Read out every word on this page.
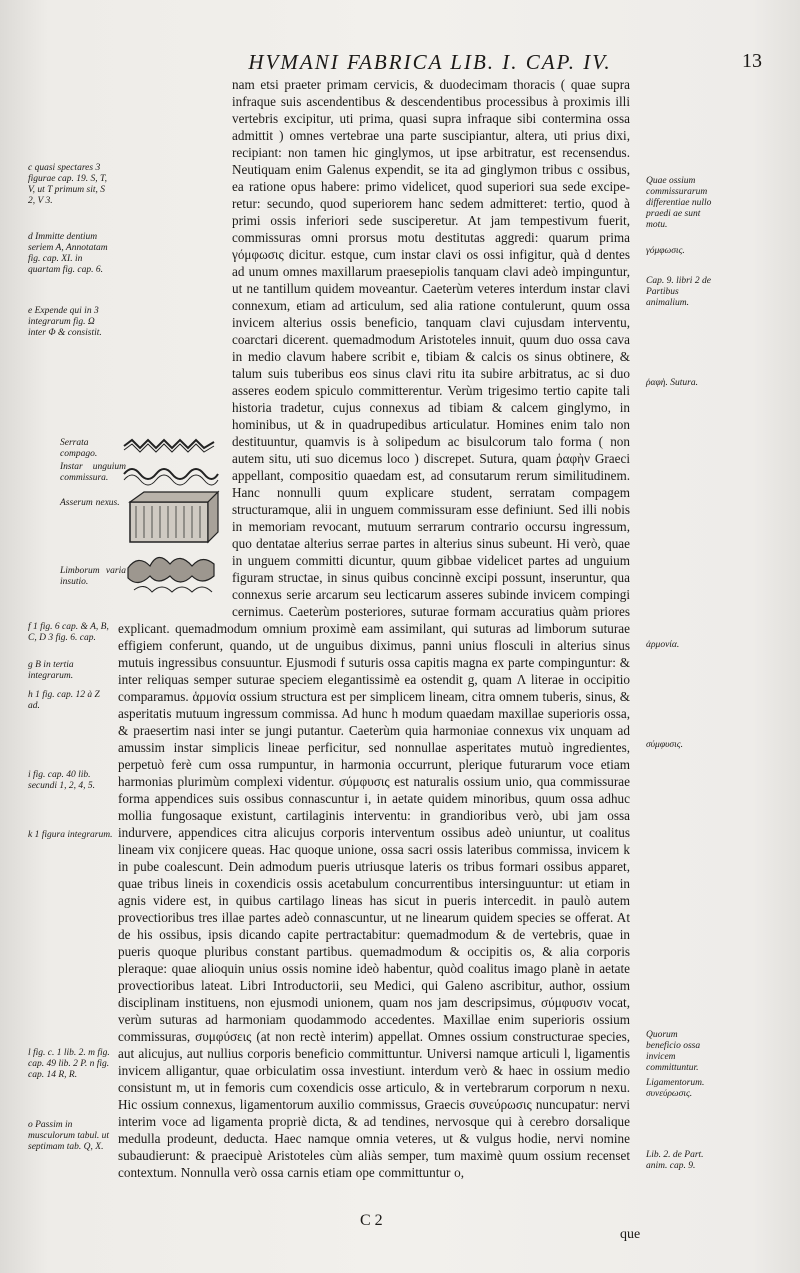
HVMANI FABRICA LIB. I. CAP. IV.	13
Serrata compago.
Instar unguium commissura.
Asserum nexus.
Limborum varia insutio.

nam etsi praeter primam cervicis, & duodecimam thoracis ( quae supra infraque suis ascendentibus & descendentibus processibus à proximis illi vertebris excipitur, uti prima, quasi supra infraque sibi contermina ossa admittit ) omnes vertebrae una parte suscipiantur, altera, uti prius dixi, recipiant: non tamen hic ginglymos, ut ipse arbitratur, est recensendus. Neutiquam enim Galenus expendit, se ita ad ginglymon tribus c ossibus, ea ratione opus habere: primo videlicet, quod superiori sua sede excipe- retur: secundo, quod superiorem hanc sedem admitteret: tertio, quod à primi ossis inferiori sede susciperetur. At jam tempestivum fuerit, commissuras omni prorsus motu destitutas aggredi: quarum prima γόμφωσις dicitur. estque, cum instar clavi os ossi infigitur, quà d dentes ad unum omnes maxillarum praesepiolis tanquam clavi adeò impinguntur, ut ne tantillum quidem moveantur. Caeterùm veteres interdum instar clavi connexum, etiam ad articulum, sed alia ratione contulerunt, quum ossa invicem alterius ossis beneficio, tanquam clavi cujusdam interventu, coarctari dicerent. quemadmodum Aristoteles innuit, quum duo ossa cava in medio clavum habere scribit e, tibiam & calcis os sinus obtinere, & talum suis tuberibus eos sinus clavi ritu ita subire arbitratus, ac si duo asseres eodem spiculo committerentur. Verùm trigesimo tertio capite tali historia tradetur, cujus connexus ad tibiam & calcem ginglymo, in hominibus, ut & in quadrupedibus articulatur. Homines enim talo non destituuntur, quamvis is à solipedum ac bisulcorum talo forma ( non autem situ, uti suo dicemus loco ) discrepet. Sutura, quam ῥαφὴν Graeci appellant, compositio quaedam est, ad consutarum rerum similitudinem. Hanc nonnulli quum explicare student, serratam compagem structuramque, alii in unguem commissuram esse definiunt. Sed illi nobis in memoriam revocant, mutuum serrarum contrario occursu ingressum, quo dentatae alterius serrae partes in alterius sinus subeunt. Hi verò, quae in unguem committi dicuntur, quum gibbae videlicet partes ad unguium figuram structae, in sinus quibus concinnè excipi possunt, inseruntur, qua connexus serie arcarum seu lecticarum asseres subinde invicem compingi cernimus. Caeterùm posteriores, suturae formam accuratius quàm priores explicant. quemadmodum omnium proximè eam assimilant, qui suturas ad limborum suturae effigiem conferunt, quando, ut de unguibus diximus, panni unius flosculi in alterius sinus mutuis ingressibus consuuntur. Ejusmodi f suturis ossa capitis magna ex parte compinguntur: & inter reliquas semper suturae speciem elegantissimè ea ostendit g, quam Λ literae in occipitio comparamus. ἁρμονία ossium structura est per simplicem lineam, citra omnem tuberis, sinus, & asperitatis mutuum ingressum commissa. Ad hunc h modum quaedam maxillae superioris ossa, & praesertim nasi inter se jungi putantur. Caeterùm quia harmoniae connexus vix unquam ad amussim instar simplicis lineae perficitur, sed nonnullae asperitates mutuò ingredientes, perpetuò ferè cum ossa rumpuntur, in harmonia occurrunt, plerique futurarum voce etiam harmonias plurimùm complexi videntur. σύμφυσις est naturalis ossium unio, qua commissurae forma appendices suis ossibus connascuntur i, in aetate quidem minoribus, quum ossa adhuc mollia fungosaque existunt, cartilaginis interventu: in grandioribus verò, ubi jam ossa indurvere, appendices citra alicujus corporis interventum ossibus adeò uniuntur, ut coalitus lineam vix conjicere queas. Hac quoque unione, ossa sacri ossis lateribus commissa, invicem k in pube coalescunt. Dein admodum pueris utriusque lateris os tribus formari ossibus apparet, quae tribus lineis in coxendicis ossis acetabulum concurrentibus intersinguuntur: ut etiam in agnis videre est, in quibus cartilago lineas has sicut in pueris intercedit. in paulò autem provectioribus tres illae partes adeò connascuntur, ut ne linearum quidem species se offerat. At de his ossibus, ipsis dicando capite pertractabitur: quemadmodum & de vertebris, quae in pueris quoque pluribus constant partibus. quemadmodum & occipitis os, & alia corporis pleraque: quae alioquin unius ossis nomine ideò habentur, quòd coalitus imago planè in aetate provectioribus lateat. Libri Introductorii, seu Medici, qui Galeno ascribitur, author, ossium disciplinam instituens, non ejusmodi unionem, quam nos jam descripsimus, σύμφυσιν vocat, verùm suturas ad harmoniam quodammodo accedentes. Maxillae enim superioris ossium commissuras, συμφύσεις (at non rectè interim) appellat. Omnes ossium constructurae species, aut alicujus, aut nullius corporis beneficio committuntur. Universi namque articuli l, ligamentis invicem alligantur, quae orbiculatim ossa investiunt. interdum verò & haec in ossium medio consistunt m, ut in femoris cum coxendicis osse articulo, & in vertebrarum corporum n nexu. Hic ossium connexus, ligamentorum auxilio commissus, Graecis συνεύρωσις nuncupatur: nervi interim voce ad ligamenta propriè dicta, & ad tendines, nervosque qui à cerebro dorsalique medulla prodeunt, deducta. Haec namque omnia veteres, ut & vulgus hodie, nervi nomine subaudierunt: & praecipuè Aristoteles cùm aliàs semper, tum maximè quum ossium recenset contextum. Nonnulla verò ossa carnis etiam ope committuntur o,

c quasi spectares 3 figurae cap. 19. S, T, V, ut T primum sit, S 2, V 3.
d Immitte dentium seriem A, Annotatam fig. cap. XI. in quartam fig. cap. 6.
e Expende qui in 3 integrarum fig. Ω inter Φ & consistit.
f 1 fig. 6 cap. & A, B, C, D 3 fig. 6. cap.
g B in tertia integrarum.
h 1 fig. cap. 12 à Z ad.
i fig. cap. 40 lib. secundi 1, 2, 4, 5.
k 1 figura integrarum.
l fig. c. 1 lib. 2. m fig. cap. 49 lib. 2 P. n fig. cap. 14 R, R.
o Passim in musculorum tabul. ut septimam tab. Q, X.
Quae ossium commissurarum differentiae nullo praedi ae sunt motu.
γόμφωσις.
Cap. 9. libri 2 de Partibus animalium.
ῥαφὴ. Sutura.
ἁρμονία.
σύμφυσις.
Quorum beneficio ossa invicem committuntur.
Ligamentorum. συνεύρωσις.
Lib. 2. de Part. anim. cap. 9.
C 2
que
